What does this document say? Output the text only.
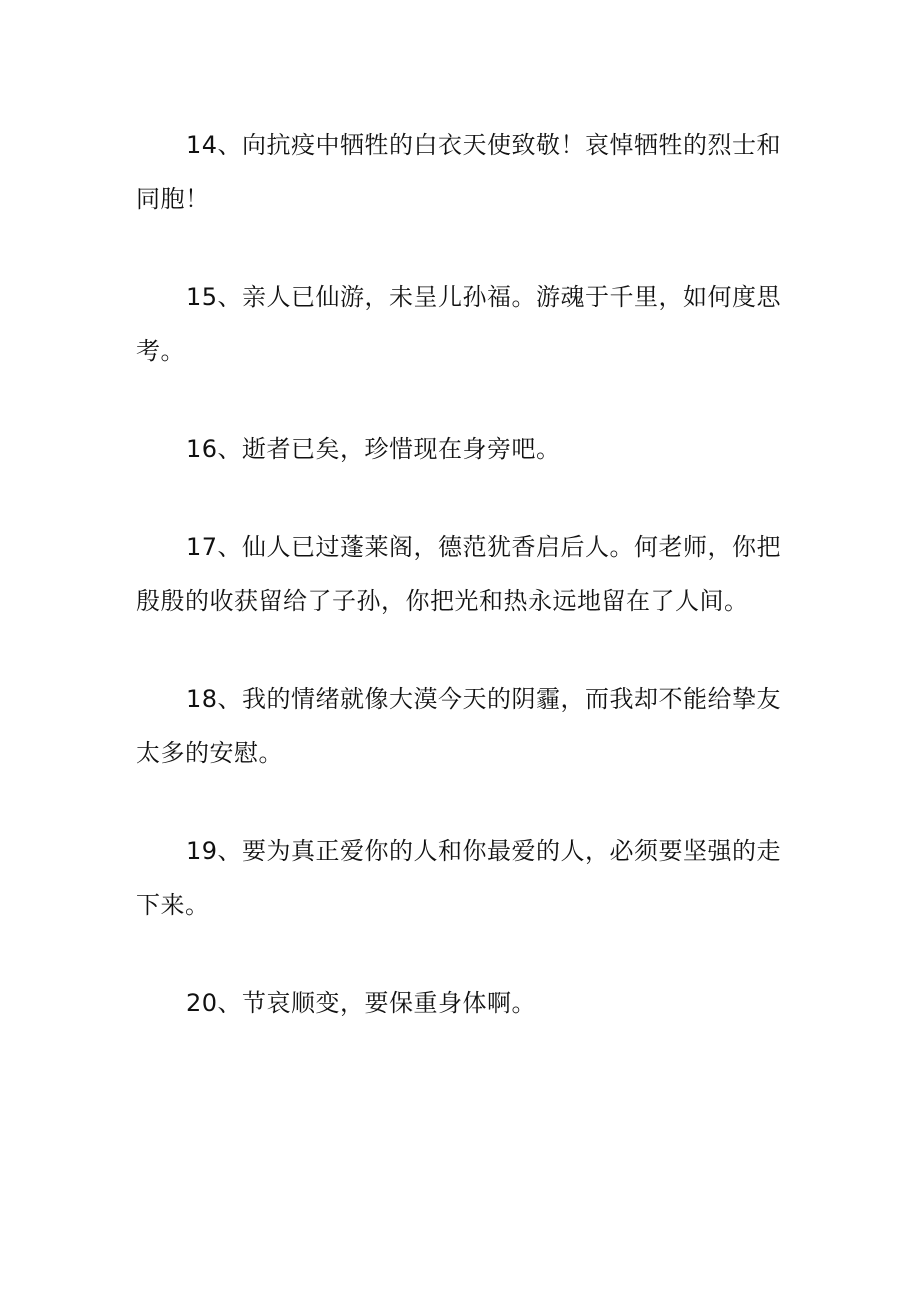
14、向抗疫中牺牲的白衣天使致敬！哀悼牺牲的烈士和同胞！

15、亲人已仙游，未呈儿孙福。游魂于千里，如何度思考。

16、逝者已矣，珍惜现在身旁吧。

17、仙人已过蓬莱阁，德范犹香启后人。何老师，你把殷殷的收获留给了子孙，你把光和热永远地留在了人间。

18、我的情绪就像大漠今天的阴霾，而我却不能给挚友太多的安慰。

19、要为真正爱你的人和你最爱的人，必须要坚强的走下来。

20、节哀顺变，要保重身体啊。
